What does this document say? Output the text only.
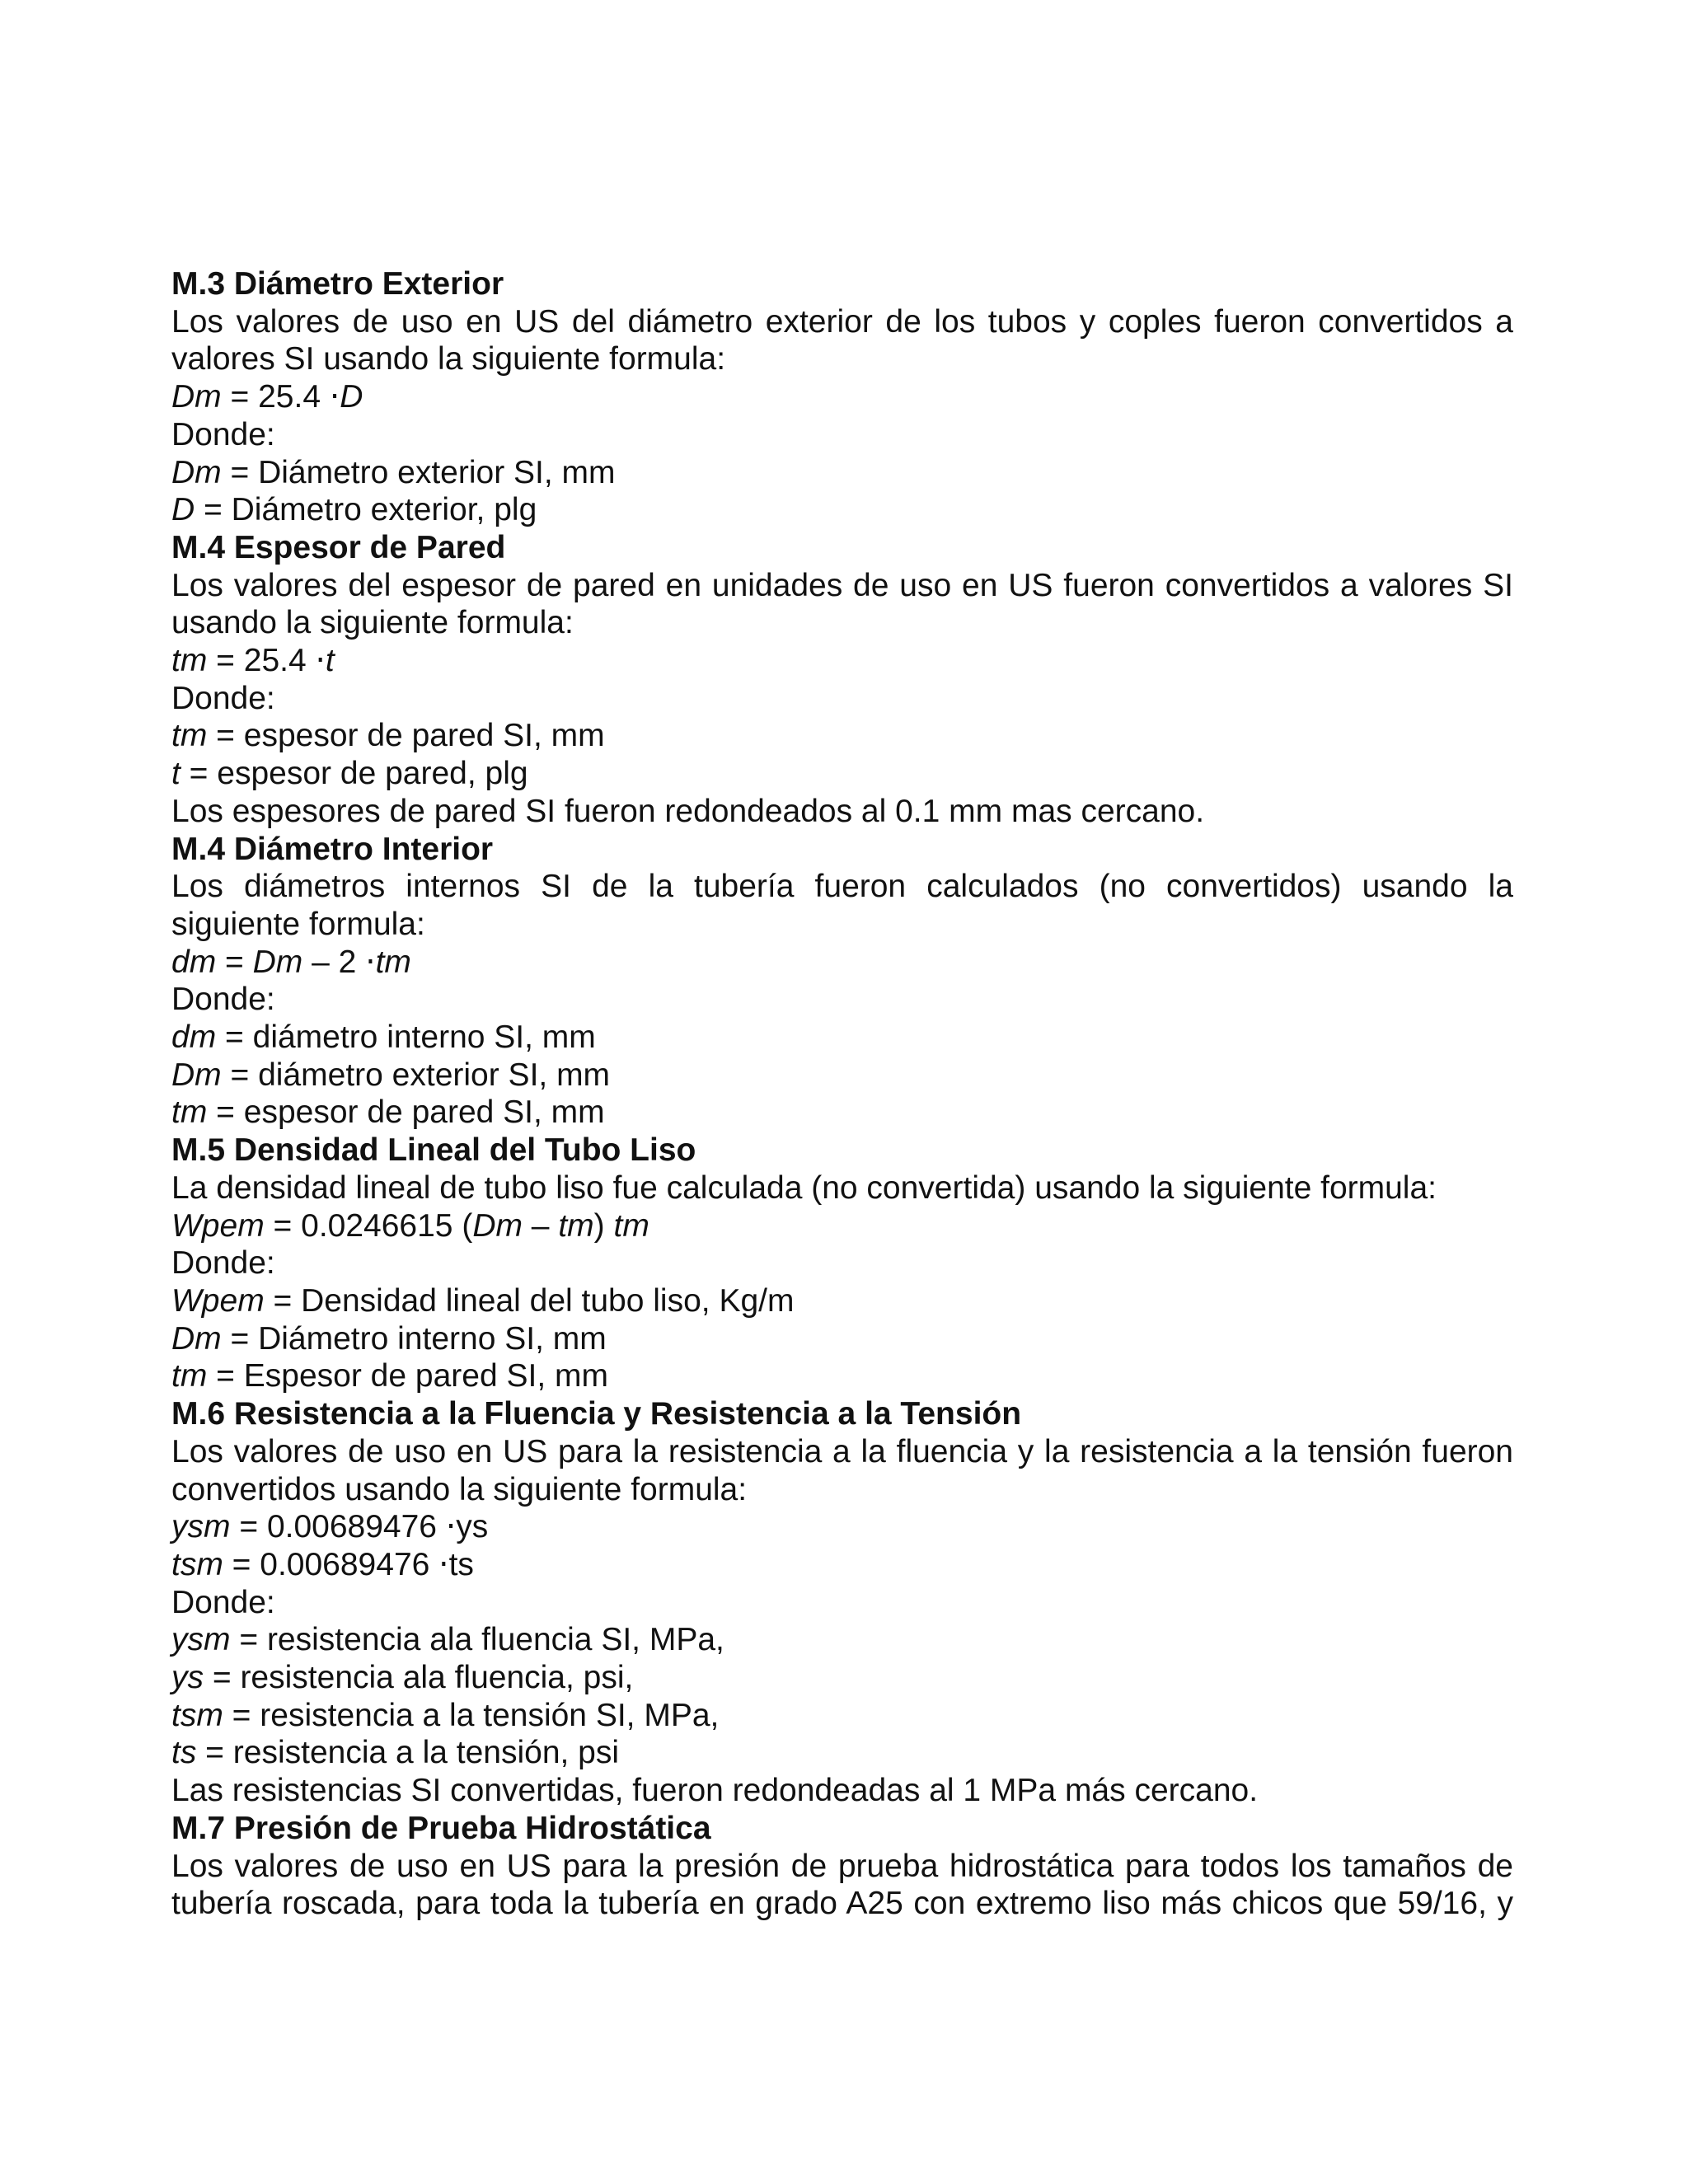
M.3 Diámetro Exterior
Los valores de uso en US del diámetro exterior de los tubos y coples fueron convertidos a
valores SI usando la siguiente formula:
Dm = 25.4 ⋅D
Donde:
Dm = Diámetro exterior SI, mm
D = Diámetro exterior, plg
M.4 Espesor de Pared
Los valores del espesor de pared en unidades de uso en US fueron convertidos a valores SI
usando la siguiente formula:
tm = 25.4 ⋅t
Donde:
tm = espesor de pared SI, mm
t = espesor de pared, plg
Los espesores de pared SI fueron redondeados al 0.1 mm mas cercano.
M.4 Diámetro Interior
Los diámetros internos SI de la tubería fueron calculados (no convertidos) usando la
siguiente formula:
dm = Dm – 2 ⋅tm
Donde:
dm = diámetro interno SI, mm
Dm = diámetro exterior SI, mm
tm = espesor de pared SI, mm
M.5 Densidad Lineal del Tubo Liso
La densidad lineal de tubo liso fue calculada (no convertida) usando la siguiente formula:
Wpem = 0.0246615 (Dm – tm) tm
Donde:
Wpem = Densidad lineal del tubo liso, Kg/m
Dm = Diámetro interno SI, mm
tm = Espesor de pared SI, mm
M.6 Resistencia a la Fluencia y Resistencia a la Tensión
Los valores de uso en US para la resistencia a la fluencia y la resistencia a la tensión fueron
convertidos usando la siguiente formula:
ysm = 0.00689476 ⋅ys
tsm = 0.00689476 ⋅ts
Donde:
ysm = resistencia ala fluencia SI, MPa,
ys = resistencia ala fluencia, psi,
tsm = resistencia a la tensión SI, MPa,
ts = resistencia a la tensión, psi
Las resistencias SI convertidas, fueron redondeadas al 1 MPa más cercano.
M.7 Presión de Prueba Hidrostática
Los valores de uso en US para la presión de prueba hidrostática para todos los tamaños de
tubería roscada, para toda la tubería en grado A25 con extremo liso más chicos que 59/16, y
